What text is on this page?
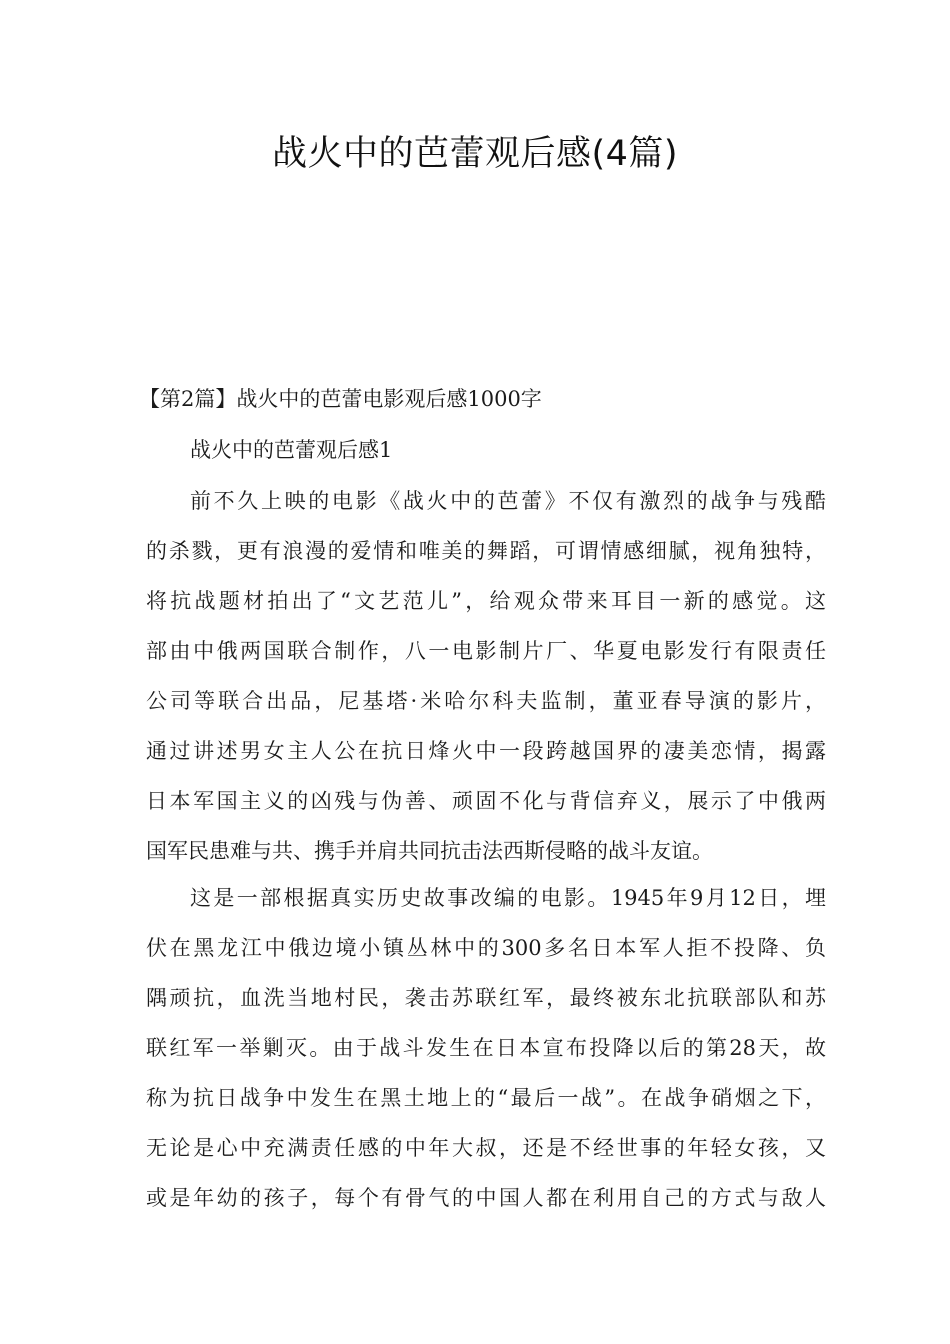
战火中的芭蕾观后感(4篇)
【第2篇】战火中的芭蕾电影观后感1000字
战火中的芭蕾观后感1
前不久上映的电影《战火中的芭蕾》不仅有激烈的战争与残酷
的杀戮，更有浪漫的爱情和唯美的舞蹈，可谓情感细腻，视角独特，
将抗战题材拍出了“文艺范儿”，给观众带来耳目一新的感觉。这
部由中俄两国联合制作，八一电影制片厂、华夏电影发行有限责任
公司等联合出品，尼基塔·米哈尔科夫监制，董亚春导演的影片，
通过讲述男女主人公在抗日烽火中一段跨越国界的凄美恋情，揭露
日本军国主义的凶残与伪善、顽固不化与背信弃义，展示了中俄两
国军民患难与共、携手并肩共同抗击法西斯侵略的战斗友谊。
这是一部根据真实历史故事改编的电影。1945年9月12日，埋
伏在黑龙江中俄边境小镇丛林中的300多名日本军人拒不投降、负
隅顽抗，血洗当地村民，袭击苏联红军，最终被东北抗联部队和苏
联红军一举剿灭。由于战斗发生在日本宣布投降以后的第28天，故
称为抗日战争中发生在黑土地上的“最后一战”。在战争硝烟之下，
无论是心中充满责任感的中年大叔，还是不经世事的年轻女孩，又
或是年幼的孩子，每个有骨气的中国人都在利用自己的方式与敌人
